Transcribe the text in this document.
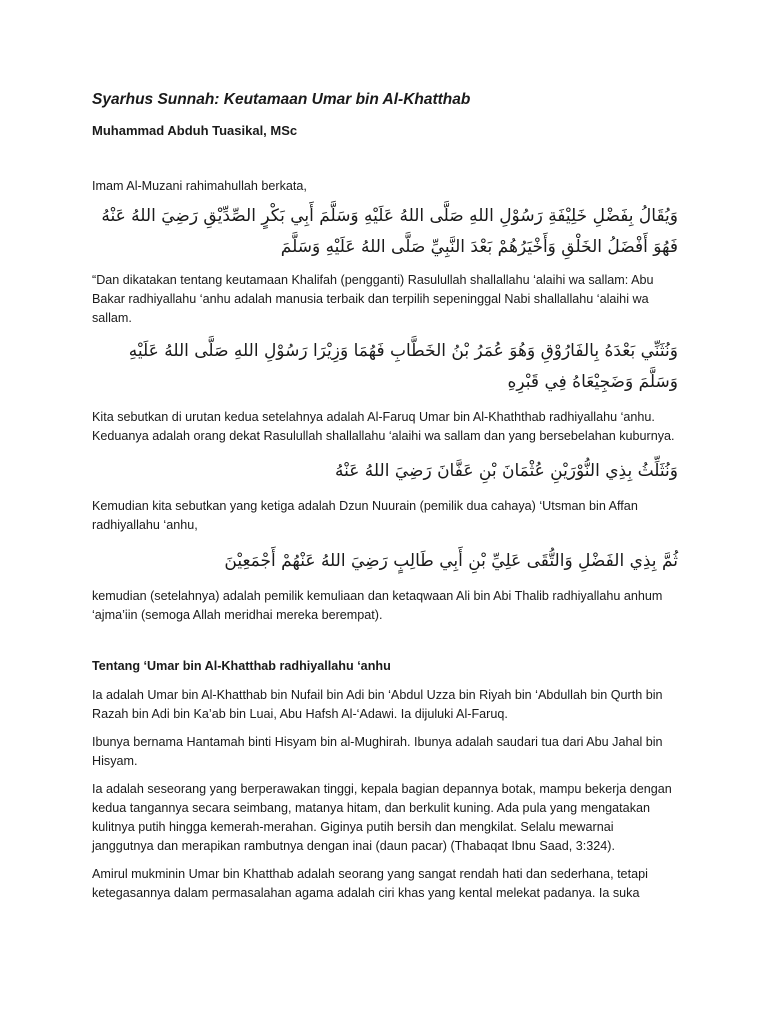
Syarhus Sunnah: Keutamaan Umar bin Al-Khatthab
Muhammad Abduh Tuasikal, MSc
Imam Al-Muzani rahimahullah berkata,
وَيُقَالُ بِفَضْلِ خَلِيْفَةِ رَسُوْلِ اللهِ صَلَّى اللهُ عَلَيْهِ وَسَلَّمَ أَبِي بَكْرٍ الصِّدِّيْقِ رَضِيَ اللهُ عَنْهُ فَهُوَ أَفْضَلُ الخَلْقِ وَأَخْيَرُهُمْ بَعْدَ النَّبِيِّ صَلَّى اللهُ عَلَيْهِ وَسَلَّمَ
“Dan dikatakan tentang keutamaan Khalifah (pengganti) Rasulullah shallallahu ‘alaihi wa sallam: Abu Bakar radhiyallahu ‘anhu adalah manusia terbaik dan terpilih sepeninggal Nabi shallallahu ‘alaihi wa sallam.
وَنُثَنِّي بَعْدَهُ بِالفَارُوْقِ وَهُوَ عُمَرُ بْنُ الخَطَّابِ فَهُمَا وَزِيْرَا رَسُوْلِ اللهِ صَلَّى اللهُ عَلَيْهِ وَسَلَّمَ وَضَجِيْعَاهُ فِي قَبْرِهِ
Kita sebutkan di urutan kedua setelahnya adalah Al-Faruq Umar bin Al-Khaththab radhiyallahu ‘anhu. Keduanya adalah orang dekat Rasulullah shallallahu ‘alaihi wa sallam dan yang bersebelahan kuburnya.
وَنُثَلِّثُ بِذِي النُّوْرَيْنِ عُثْمَانَ بْنِ عَفَّانَ رَضِيَ اللهُ عَنْهُ
Kemudian kita sebutkan yang ketiga adalah Dzun Nuurain (pemilik dua cahaya) ‘Utsman bin Affan radhiyallahu ‘anhu,
ثُمَّ بِذِي الفَضْلِ وَالتُّقَى عَلِيِّ بْنِ أَبِي طَالِبٍ رَضِيَ اللهُ عَنْهُمْ أَجْمَعِيْنَ
kemudian (setelahnya) adalah pemilik kemuliaan dan ketaqwaan Ali bin Abi Thalib radhiyallahu anhum ‘ajma’iin (semoga Allah meridhai mereka berempat).
Tentang ‘Umar bin Al-Khatthab radhiyallahu ‘anhu
Ia adalah Umar bin Al-Khatthab bin Nufail bin Adi bin ‘Abdul Uzza bin Riyah bin ‘Abdullah bin Qurth bin Razah bin Adi bin Ka’ab bin Luai, Abu Hafsh Al-‘Adawi. Ia dijuluki Al-Faruq.
Ibunya bernama Hantamah binti Hisyam bin al-Mughirah. Ibunya adalah saudari tua dari Abu Jahal bin Hisyam.
Ia adalah seseorang yang berperawakan tinggi, kepala bagian depannya botak, mampu bekerja dengan kedua tangannya secara seimbang, matanya hitam, dan berkulit kuning. Ada pula yang mengatakan kulitnya putih hingga kemerah-merahan. Giginya putih bersih dan mengkilat. Selalu mewarnai janggutnya dan merapikan rambutnya dengan inai (daun pacar) (Thabaqat Ibnu Saad, 3:324).
Amirul mukminin Umar bin Khatthab adalah seorang yang sangat rendah hati dan sederhana, tetapi ketegasannya dalam permasalahan agama adalah ciri khas yang kental melekat padanya. Ia suka
